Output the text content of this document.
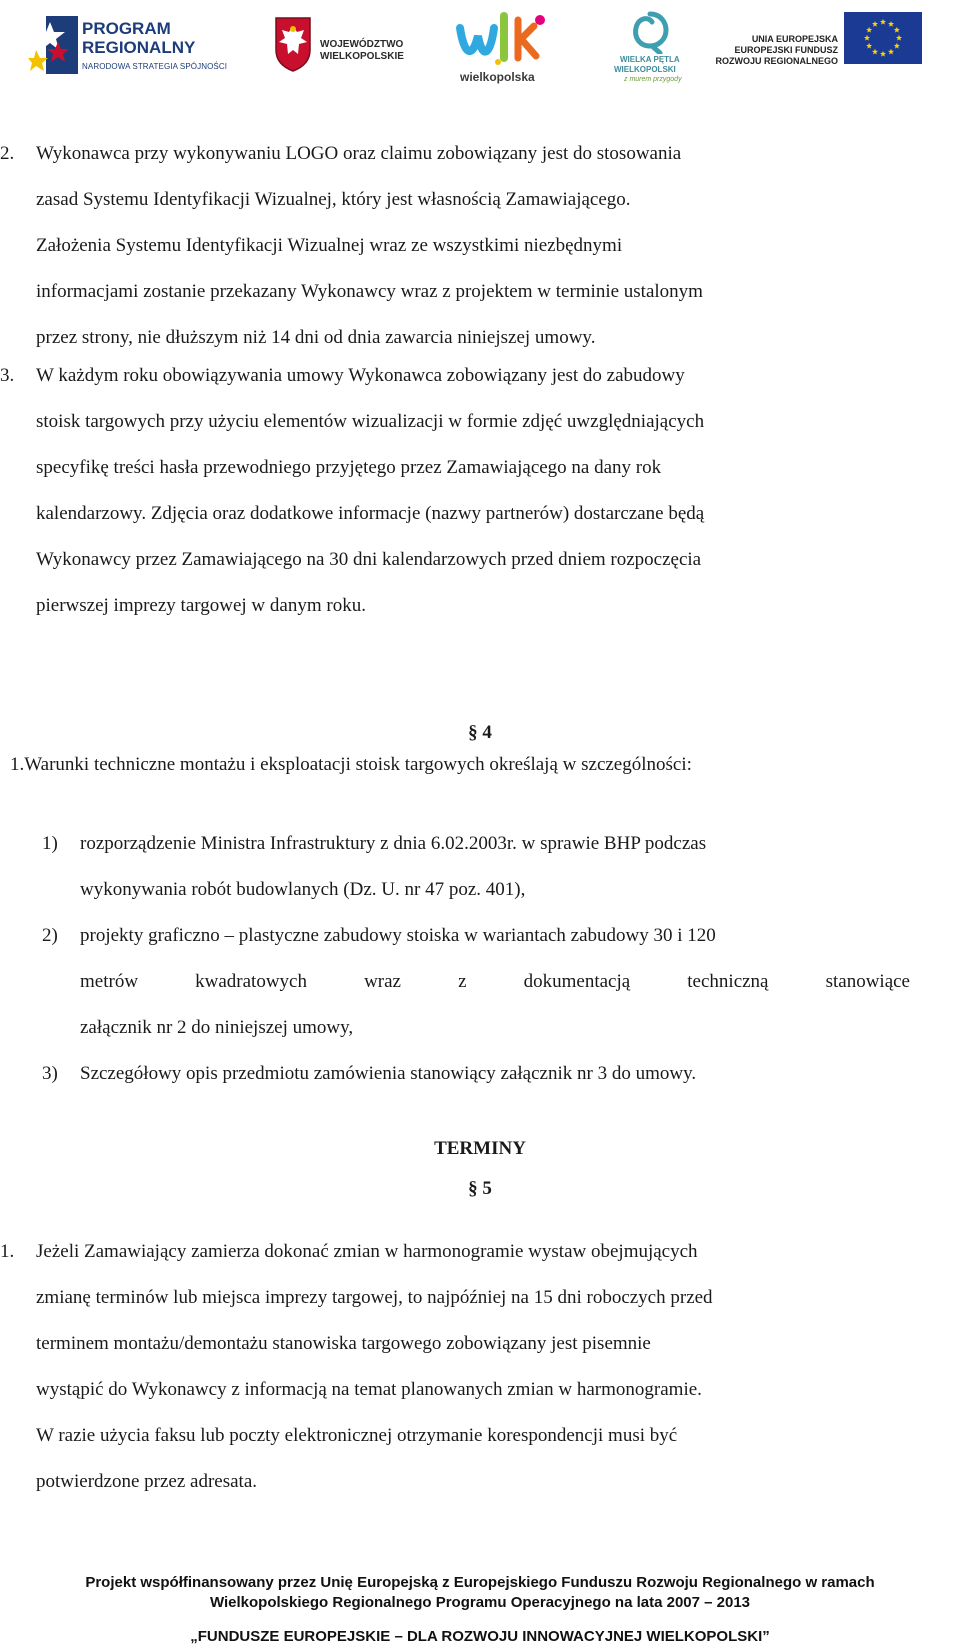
PROGRAM
REGIONALNY
NARODOWA STRATEGIA SPÓJNOŚCI
WOJEWÓDZTWO
WIELKOPOLSKIE
wielkopolska
WIELKA PĘTLA
WIELKOPOLSKI
z murem przygody
UNIA EUROPEJSKA
EUROPEJSKI FUNDUSZ
ROZWOJU REGIONALNEGO
2. Wykonawca przy wykonywaniu LOGO oraz claimu zobowiązany jest do stosowania
zasad Systemu Identyfikacji Wizualnej, który jest własnością Zamawiającego.
Założenia Systemu Identyfikacji Wizualnej wraz ze wszystkimi niezbędnymi
informacjami zostanie przekazany Wykonawcy wraz z projektem w terminie ustalonym
przez strony, nie dłuższym niż 14 dni od dnia zawarcia niniejszej umowy.
3. W każdym roku obowiązywania umowy Wykonawca zobowiązany jest do zabudowy
stoisk targowych przy użyciu elementów wizualizacji w formie zdjęć uwzględniających
specyfikę treści hasła przewodniego przyjętego przez Zamawiającego na dany rok
kalendarzowy. Zdjęcia oraz dodatkowe informacje (nazwy partnerów) dostarczane będą
Wykonawcy przez Zamawiającego na 30 dni kalendarzowych przed dniem rozpoczęcia
pierwszej imprezy targowej w danym roku.
§ 4
1.Warunki techniczne montażu i eksploatacji stoisk targowych określają w szczególności:
1) rozporządzenie Ministra Infrastruktury z dnia 6.02.2003r. w sprawie BHP podczas
wykonywania robót budowlanych (Dz. U. nr 47 poz. 401),
2) projekty graficzno – plastyczne zabudowy stoiska w wariantach zabudowy 30 i 120
metrów kwadratowych wraz z dokumentacją techniczną stanowiące
załącznik nr 2 do niniejszej umowy,
3) Szczegółowy opis przedmiotu zamówienia stanowiący załącznik nr 3 do umowy.
TERMINY
§ 5
1. Jeżeli Zamawiający zamierza dokonać zmian w harmonogramie wystaw obejmujących
zmianę terminów lub miejsca imprezy targowej, to najpóźniej na 15 dni roboczych przed
terminem montażu/demontażu stanowiska targowego zobowiązany jest pisemnie
wystąpić do Wykonawcy z informacją na temat planowanych zmian w harmonogramie.
W razie użycia faksu lub poczty elektronicznej otrzymanie korespondencji musi być
potwierdzone przez adresata.
Projekt współfinansowany przez Unię Europejską z Europejskiego Funduszu Rozwoju Regionalnego w ramach
Wielkopolskiego Regionalnego Programu Operacyjnego na lata 2007 – 2013
„FUNDUSZE EUROPEJSKIE – DLA ROZWOJU INNOWACYJNEJ WIELKOPOLSKI”
